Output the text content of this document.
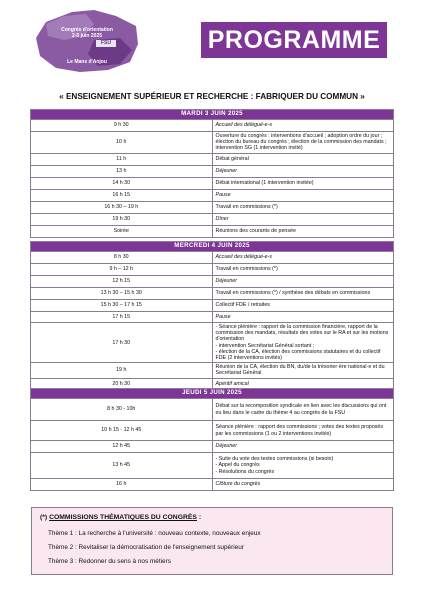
Congrès d'orientation
2-5 juin 2025
FSU
Le Mans d'Anjou
PROGRAMME
« ENSEIGNEMENT SUPÉRIEUR ET RECHERCHE : FABRIQUER DU COMMUN »
MARDI 3 JUIN 2025	
9 h 30	Accueil des délégué-e-s
10 h	Ouverture du congrès : interventions d'accueil ; adoption ordre du jour ; élection du bureau du congrès ; élection de la commission des mandats ; intervention SG (1 intervention invité)
11 h	Débat général
13 h	Déjeuner
14 h 30	Débat international (1 intervention invitée)
16 h 15	Pause
16 h 30 – 19 h	Travail en commissions (*)
19 h 30	Dîner
Soirée	Réunions des courants de pensée
MERCREDI 4 JUIN 2025	
8 h 30	Accueil des délégué-e-s
9 h – 12 h	Travail en commissions (*)
12 h 15	Déjeuner
13 h 30 – 15 h 30	Travail en commissions (*) / synthèse des débats en commissions
15 h 30 – 17 h 15	Collectif FDE / retraites
17 h 15	Pause
17 h 30	- Séance plénière : rapport de la commission financière, rapport de la commission des mandats, résultats des votes sur le RA et sur les motions d'orientation
- intervention Secrétariat Général sortant ;
- élection de la CA, élection des commissions statutaires et du collectif FDE (2 interventions invités)
19 h	Réunion de la CA, élection du BN, du/de la trésorier·ère national·e et du Secrétariat Général
20 h 30	Apéritif amical
JEUDI 5 JUIN 2025	
8 h 30 - 10h	Débat sur la recomposition syndicale en lien avec les discussions qui ont eu lieu dans le cadre du thème 4 au congrès de la FSU
10 h 15 - 12 h 45	Séance plénière : rapport des commissions ; votes des textes proposés par les commissions (1 ou 2 interventions invités)
12 h 45	Déjeuner
13 h 45	- Suite du vote des textes commissions (si besoin)
- Appel du congrès
- Résolutions du congrès
16 h	Clôture du congrès
(*) COMMISSIONS THÉMATIQUES DU CONGRÈS :
Thème 1 : La recherche à l'université : nouveau contexte, nouveaux enjeux
Thème 2 : Revitaliser la démocratisation de l'enseignement supérieur
Thème 3 : Redonner du sens à nos métiers
